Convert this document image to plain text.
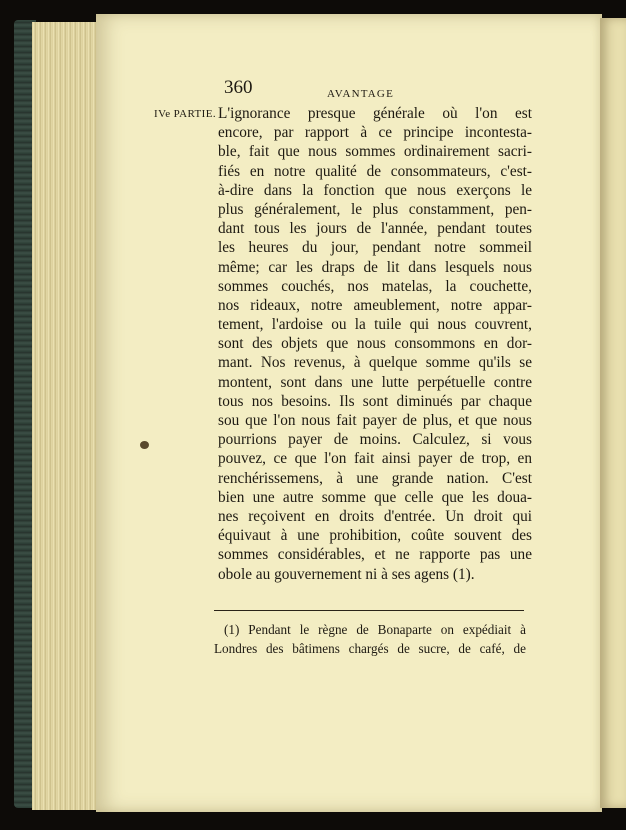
360	AVANTAGE
IVe PARTIE. L'ignorance presque générale où l'on est
encore, par rapport à ce principe incontesta-
ble, fait que nous sommes ordinairement sacri-
fiés en notre qualité de consommateurs, c'est-
à-dire dans la fonction que nous exerçons le
plus généralement, le plus constamment, pen-
dant tous les jours de l'année, pendant toutes
les heures du jour, pendant notre sommeil
même; car les draps de lit dans lesquels nous
sommes couchés, nos matelas, la couchette,
nos rideaux, notre ameublement, notre appar-
tement, l'ardoise ou la tuile qui nous couvrent,
sont des objets que nous consommons en dor-
mant. Nos revenus, à quelque somme qu'ils se
montent, sont dans une lutte perpétuelle contre
tous nos besoins. Ils sont diminués par chaque
sou que l'on nous fait payer de plus, et que nous
pourrions payer de moins. Calculez, si vous
pouvez, ce que l'on fait ainsi payer de trop, en
renchérissemens, à une grande nation. C'est
bien une autre somme que celle que les doua-
nes reçoivent en droits d'entrée. Un droit qui
équivaut à une prohibition, coûte souvent des
sommes considérables, et ne rapporte pas une
obole au gouvernement ni à ses agens (1).
(1) Pendant le règne de Bonaparte on expédiait à
Londres des bâtimens chargés de sucre, de café, de
